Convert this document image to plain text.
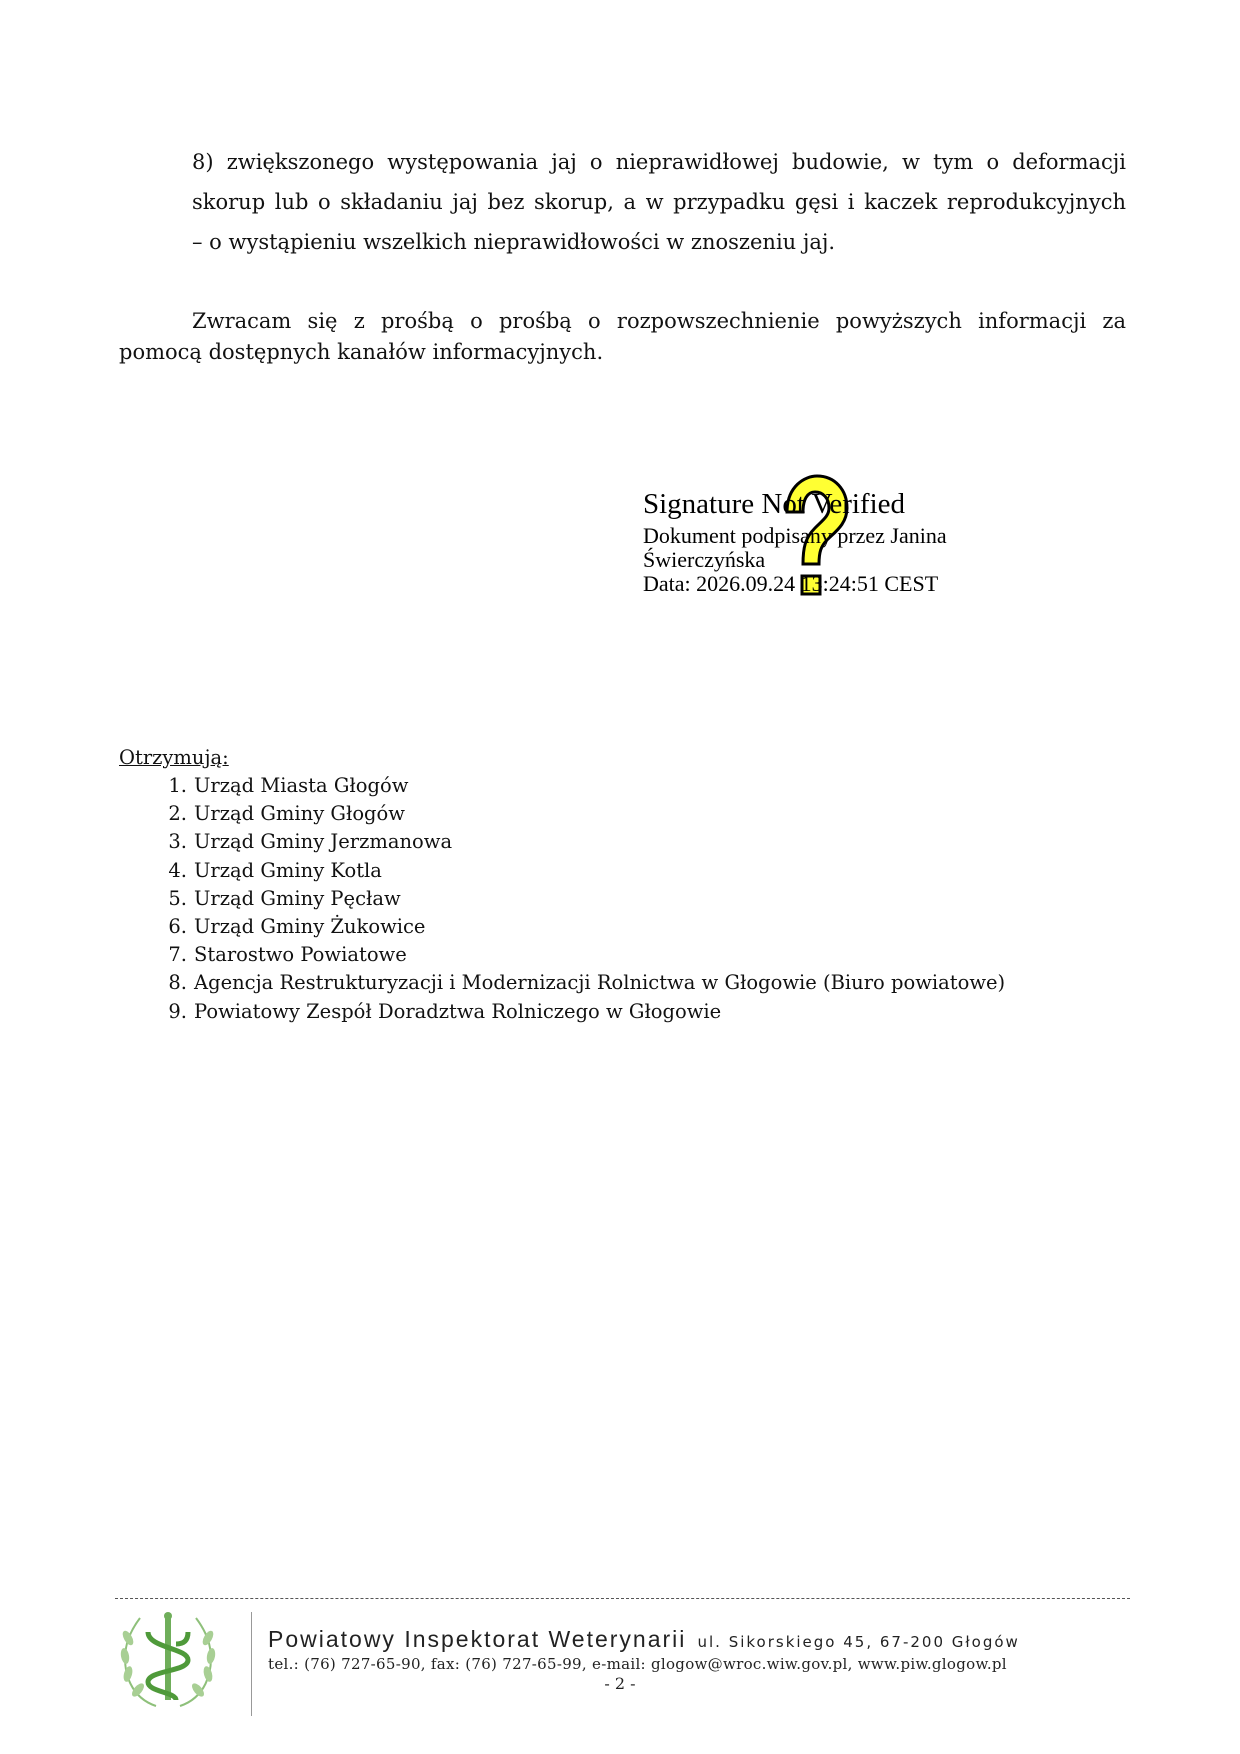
8) zwiększonego występowania jaj o nieprawidłowej budowie, w tym o deformacji
skorup lub o składaniu jaj bez skorup, a w przypadku gęsi i kaczek reprodukcyjnych
– o wystąpieniu wszelkich nieprawidłowości w znoszeniu jaj.
Zwracam się z prośbą o prośbą o rozpowszechnienie powyższych informacji za
pomocą dostępnych kanałów informacyjnych.
Signature Not Verified
Dokument podpisany przez Janina
Świerczyńska
Data: 2026.09.24 13:24:51 CEST
Otrzymują:
1. Urząd Miasta Głogów
2. Urząd Gminy Głogów
3. Urząd Gminy Jerzmanowa
4. Urząd Gminy Kotla
5. Urząd Gminy Pęcław
6. Urząd Gminy Żukowice
7. Starostwo Powiatowe
8. Agencja Restrukturyzacji i Modernizacji Rolnictwa w Głogowie (Biuro powiatowe)
9. Powiatowy Zespół Doradztwa Rolniczego w Głogowie
Powiatowy Inspektorat Weterynarii ul. Sikorskiego 45, 67-200 Głogów
tel.: (76) 727-65-90, fax: (76) 727-65-99, e-mail: glogow@wroc.wiw.gov.pl, www.piw.glogow.pl
- 2 -
